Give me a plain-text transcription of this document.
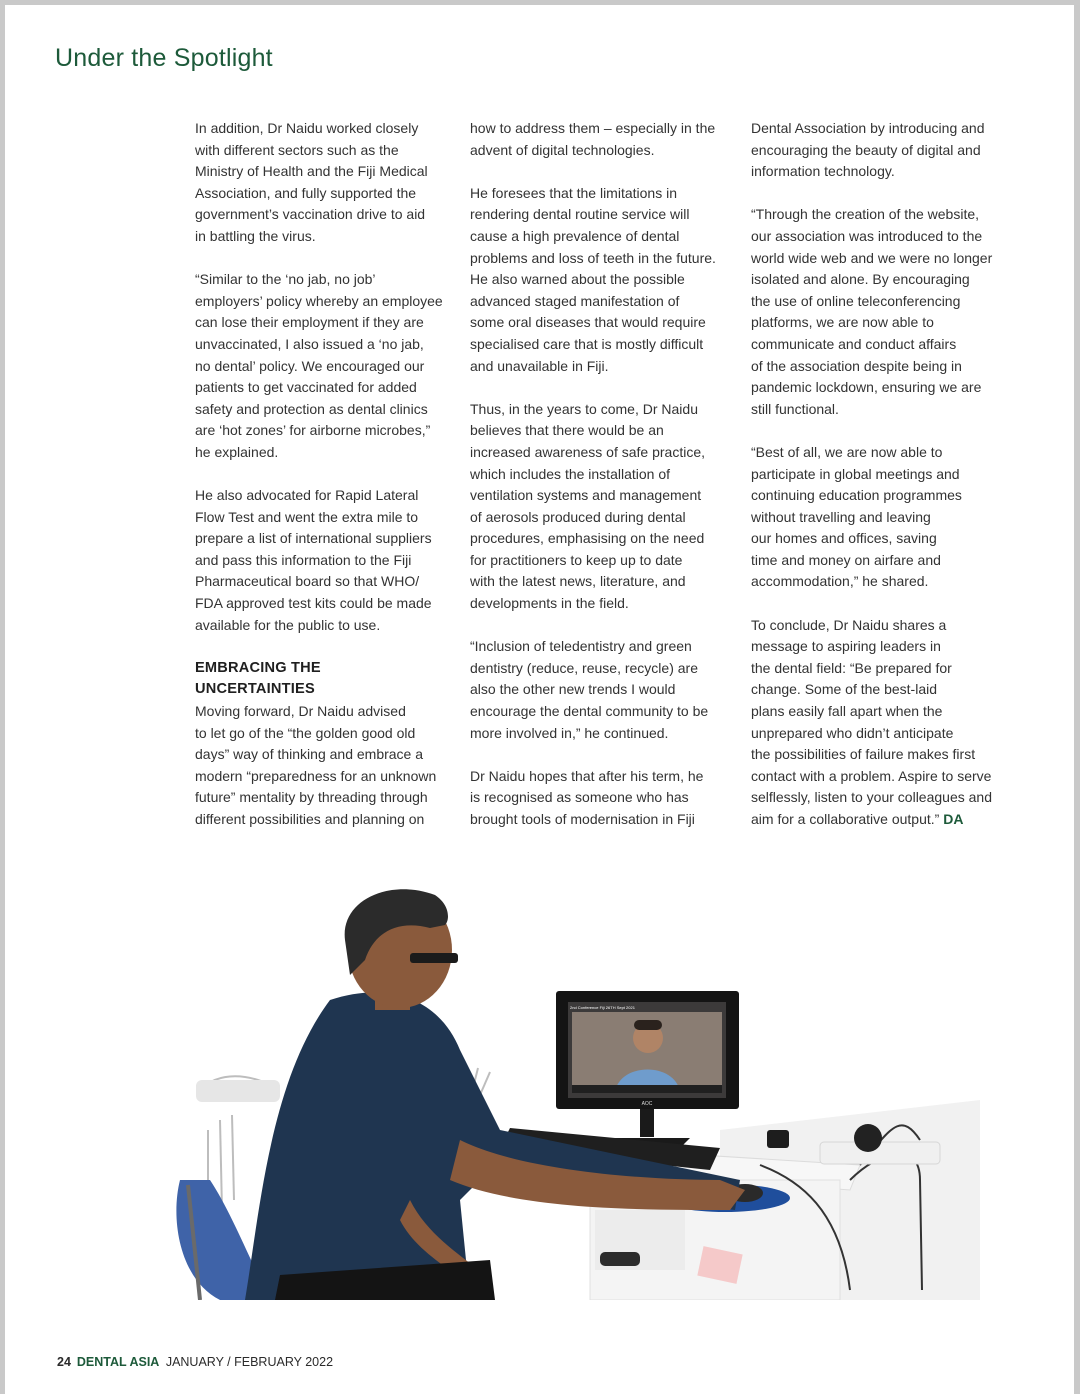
Under the Spotlight

In addition, Dr Naidu worked closely
with different sectors such as the
Ministry of Health and the Fiji Medical
Association, and fully supported the
government’s vaccination drive to aid
in battling the virus.

“Similar to the ‘no jab, no job’
employers’ policy whereby an employee
can lose their employment if they are
unvaccinated, I also issued a ‘no jab,
no dental’ policy. We encouraged our
patients to get vaccinated for added
safety and protection as dental clinics
are ‘hot zones’ for airborne microbes,”
he explained.

He also advocated for Rapid Lateral
Flow Test and went the extra mile to
prepare a list of international suppliers
and pass this information to the Fiji
Pharmaceutical board so that WHO/
FDA approved test kits could be made
available for the public to use.

EMBRACING THE
UNCERTAINTIES

Moving forward, Dr Naidu advised
to let go of the “the golden good old
days” way of thinking and embrace a
modern “preparedness for an unknown
future” mentality by threading through
different possibilities and planning on

how to address them – especially in the
advent of digital technologies.

He foresees that the limitations in
rendering dental routine service will
cause a high prevalence of dental
problems and loss of teeth in the future.
He also warned about the possible
advanced staged manifestation of
some oral diseases that would require
specialised care that is mostly difficult
and unavailable in Fiji.

Thus, in the years to come, Dr Naidu
believes that there would be an
increased awareness of safe practice,
which includes the installation of
ventilation systems and management
of aerosols produced during dental
procedures, emphasising on the need
for practitioners to keep up to date
with the latest news, literature, and
developments in the field.

“Inclusion of teledentistry and green
dentistry (reduce, reuse, recycle) are
also the other new trends I would
encourage the dental community to be
more involved in,” he continued.

Dr Naidu hopes that after his term, he
is recognised as someone who has
brought tools of modernisation in Fiji

Dental Association by introducing and
encouraging the beauty of digital and
information technology.

“Through the creation of the website,
our association was introduced to the
world wide web and we were no longer
isolated and alone. By encouraging
the use of online teleconferencing
platforms, we are now able to
communicate and conduct affairs
of the association despite being in
pandemic lockdown, ensuring we are
still functional.

“Best of all, we are now able to
participate in global meetings and
continuing education programmes
without travelling and leaving
our homes and offices, saving
time and money on airfare and
accommodation,” he shared.

To conclude, Dr Naidu shares a
message to aspiring leaders in
the dental field: “Be prepared for
change. Some of the best-laid
plans easily fall apart when the
unprepared who didn’t anticipate
the possibilities of failure makes first
contact with a problem. Aspire to serve
selflessly, listen to your colleagues and
aim for a collaborative output.” DA

2nd Conference Fiji 26TH Sept 2021
AOC
24 DENTAL ASIA JANUARY / FEBRUARY 2022
